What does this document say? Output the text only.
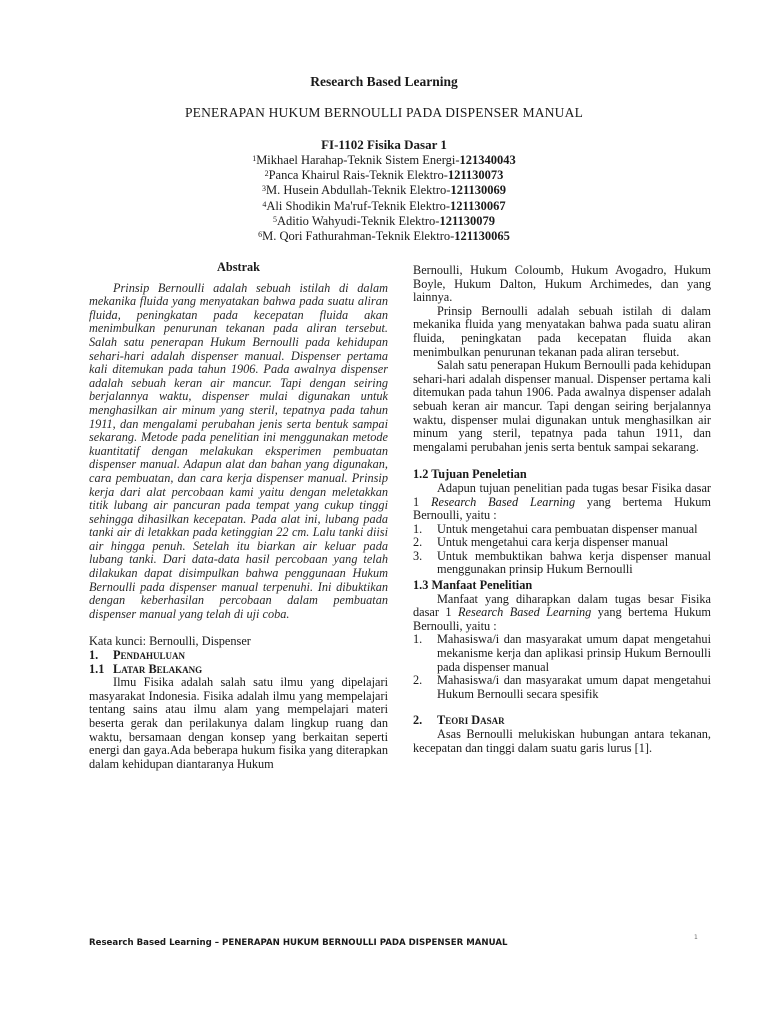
Research Based Learning
PENERAPAN HUKUM BERNOULLI PADA DISPENSER MANUAL
FI-1102 Fisika Dasar 1
$^1$Mikhael Harahap-Teknik Sistem Energi-121340043
$^2$Panca Khairul Rais-Teknik Elektro-121130073
$^3$M. Husein Abdullah-Teknik Elektro-121130069
$^4$Ali Shodikin Ma'ruf-Teknik Elektro-121130067
$^5$Aditio Wahyudi-Teknik Elektro-121130079
$^6$M. Qori Fathurahman-Teknik Elektro-121130065
Abstrak

Prinsip Bernoulli adalah sebuah istilah di dalam mekanika fluida yang menyatakan bahwa pada suatu aliran fluida, peningkatan pada kecepatan fluida akan menimbulkan penurunan tekanan pada aliran tersebut. Salah satu penerapan Hukum Bernoulli pada kehidupan sehari-hari adalah dispenser manual. Dispenser pertama kali ditemukan pada tahun 1906. Pada awalnya dispenser adalah sebuah keran air mancur. Tapi dengan seiring berjalannya waktu, dispenser mulai digunakan untuk menghasilkan air minum yang steril, tepatnya pada tahun 1911, dan mengalami perubahan jenis serta bentuk sampai sekarang. Metode pada penelitian ini menggunakan metode kuantitatif dengan melakukan eksperimen pembuatan dispenser manual. Adapun alat dan bahan yang digunakan, cara pembuatan, dan cara kerja dispenser manual. Prinsip kerja dari alat percobaan kami yaitu dengan meletakkan titik lubang air pancuran pada tempat yang cukup tinggi sehingga dihasilkan kecepatan. Pada alat ini, lubang pada tanki air di letakkan pada ketinggian 22 cm. Lalu tanki diisi air hingga penuh. Setelah itu biarkan air keluar pada lubang tanki. Dari data-data hasil percobaan yang telah dilakukan dapat disimpulkan bahwa penggunaan Hukum Bernoulli pada dispenser manual terpenuhi. Ini dibuktikan dengan keberhasilan percobaan dalam pembuatan dispenser manual yang telah di uji coba.

Kata kunci: Bernoulli, Dispenser
1. Pendahuluan
1.1 Latar Belakang

Ilmu Fisika adalah salah satu ilmu yang dipelajari masyarakat Indonesia. Fisika adalah ilmu yang mempelajari tentang sains atau ilmu alam yang mempelajari materi beserta gerak dan perilakunya dalam lingkup ruang dan waktu, bersamaan dengan konsep yang berkaitan seperti energi dan gaya.Ada beberapa hukum fisika yang diterapkan dalam kehidupan diantaranya Hukum

Bernoulli, Hukum Coloumb, Hukum Avogadro, Hukum Boyle, Hukum Dalton, Hukum Archimedes, dan yang lainnya.

Prinsip Bernoulli adalah sebuah istilah di dalam mekanika fluida yang menyatakan bahwa pada suatu aliran fluida, peningkatan pada kecepatan fluida akan menimbulkan penurunan tekanan pada aliran tersebut.

Salah satu penerapan Hukum Bernoulli pada kehidupan sehari-hari adalah dispenser manual. Dispenser pertama kali ditemukan pada tahun 1906. Pada awalnya dispenser adalah sebuah keran air mancur. Tapi dengan seiring berjalannya waktu, dispenser mulai digunakan untuk menghasilkan air minum yang steril, tepatnya pada tahun 1911, dan mengalami perubahan jenis serta bentuk sampai sekarang.

1.2 Tujuan Peneletian

Adapun tujuan penelitian pada tugas besar Fisika dasar 1 Research Based Learning yang bertema Hukum Bernoulli, yaitu :

1.	Untuk mengetahui cara pembuatan dispenser manual
2.	Untuk mengetahui cara kerja dispenser manual
3.	Untuk membuktikan bahwa kerja dispenser manual menggunakan prinsip Hukum Bernoulli
1.3 Manfaat Penelitian

Manfaat yang diharapkan dalam tugas besar Fisika dasar 1 Research Based Learning yang bertema Hukum Bernoulli, yaitu :

1.	Mahasiswa/i dan masyarakat umum dapat mengetahui mekanisme kerja dan aplikasi prinsip Hukum Bernoulli pada dispenser manual
2.	Mahasiswa/i dan masyarakat umum dapat mengetahui Hukum Bernoulli secara spesifik
2. Teori Dasar

Asas Bernoulli melukiskan hubungan antara tekanan, kecepatan dan tinggi dalam suatu garis lurus [1].

Research Based Learning – PENERAPAN HUKUM BERNOULLI PADA DISPENSER MANUAL
1
